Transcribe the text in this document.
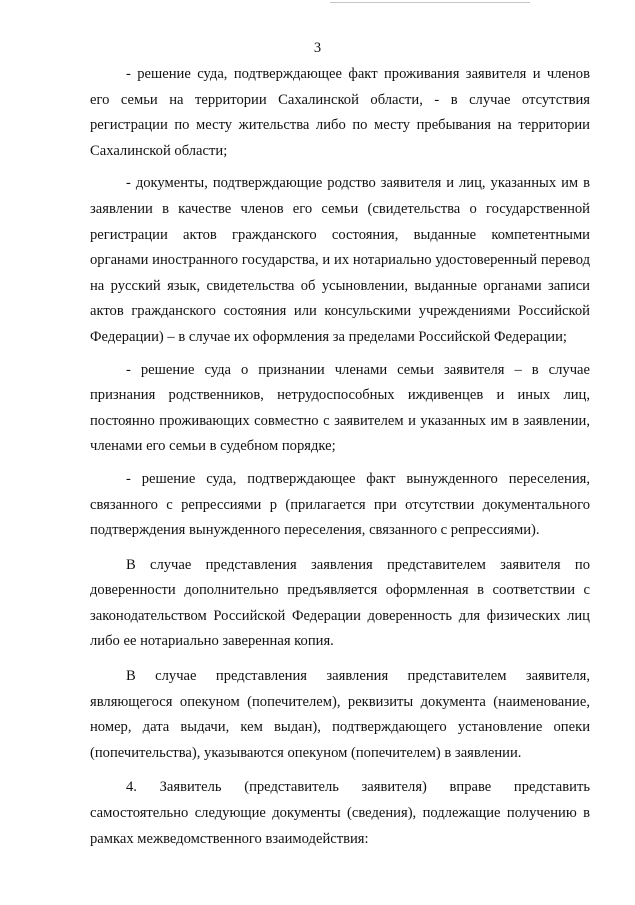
3

- решение суда, подтверждающее факт проживания заявителя и членов его семьи на территории Сахалинской области, - в случае отсутствия регистрации по месту жительства либо по месту пребывания на территории Сахалинской области;

- документы, подтверждающие родство заявителя и лиц, указанных им в заявлении в качестве членов его семьи (свидетельства о государственной регистрации актов гражданского состояния, выданные компетентными органами иностранного государства, и их нотариально удостоверенный перевод на русский язык, свидетельства об усыновлении, выданные органами записи актов гражданского состояния или консульскими учреждениями Российской Федерации) – в случае их оформления за пределами Российской Федерации;

- решение суда о признании членами семьи заявителя – в случае признания родственников, нетрудоспособных иждивенцев и иных лиц, постоянно проживающих совместно с заявителем и указанных им в заявлении, членами его семьи в судебном порядке;

- решение суда, подтверждающее факт вынужденного переселения, связанного с репрессиями р (прилагается при отсутствии документального подтверждения вынужденного переселения, связанного с репрессиями).

В случае представления заявления представителем заявителя по доверенности дополнительно предъявляется оформленная в соответствии с законодательством Российской Федерации доверенность для физических лиц либо ее нотариально заверенная копия.

В случае представления заявления представителем заявителя, являющегося опекуном (попечителем), реквизиты документа (наименование, номер, дата выдачи, кем выдан), подтверждающего установление опеки (попечительства), указываются опекуном (попечителем) в заявлении.

4. Заявитель (представитель заявителя) вправе представить самостоятельно следующие документы (сведения), подлежащие получению в рамках межведомственного взаимодействия:
